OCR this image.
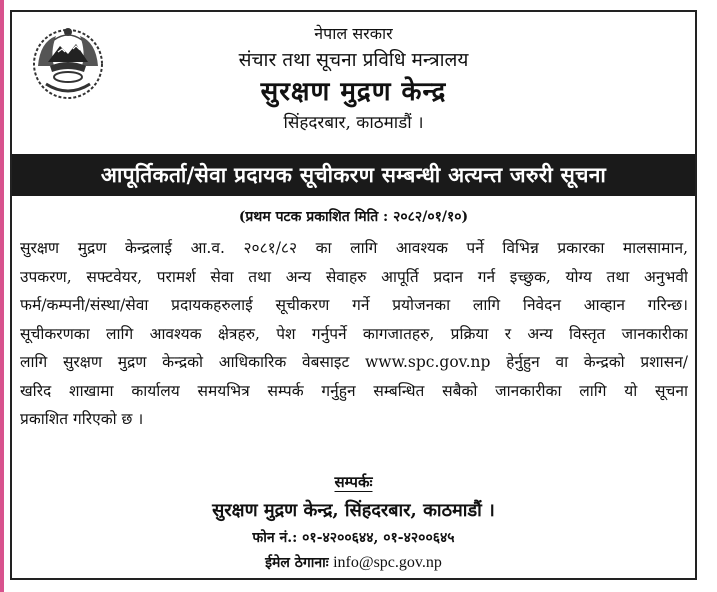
नेपाल सरकार
संचार तथा सूचना प्रविधि मन्त्रालय
सुरक्षण मुद्रण केन्द्र
सिंहदरबार, काठमाडौं ।
आपूर्तिकर्ता/सेवा प्रदायक सूचीकरण सम्बन्धी अत्यन्त जरुरी सूचना
(प्रथम पटक प्रकाशित मिति : २०८२/०१/१०)
सुरक्षण मुद्रण केन्द्रलाई आ.व. २०८१/८२ का लागि आवश्यक पर्ने विभिन्न प्रकारका मालसामान,
उपकरण, सफ्टवेयर, परामर्श सेवा तथा अन्य सेवाहरु आपूर्ति प्रदान गर्न इच्छुक, योग्य तथा अनुभवी
फर्म/कम्पनी/संस्था/सेवा प्रदायकहरुलाई सूचीकरण गर्ने प्रयोजनका लागि निवेदन आव्हान गरिन्छ।
सूचीकरणका लागि आवश्यक क्षेत्रहरु, पेश गर्नुपर्ने कागजातहरु, प्रक्रिया र अन्य विस्तृत जानकारीका
लागि सुरक्षण मुद्रण केन्द्रको आधिकारिक वेबसाइट www.spc.gov.np हेर्नुहुन वा केन्द्रको प्रशासन/
खरिद शाखामा कार्यालय समयभित्र सम्पर्क गर्नुहुन सम्बन्धित सबैको जानकारीका लागि यो सूचना
प्रकाशित गरिएको छ ।
सम्पर्कः
सुरक्षण मुद्रण केन्द्र, सिंहदरबार, काठमाडौं ।
फोन नं.: ०१-४२००६४४, ०१-४२००६४५
ईमेल ठेगानाः info@spc.gov.np
